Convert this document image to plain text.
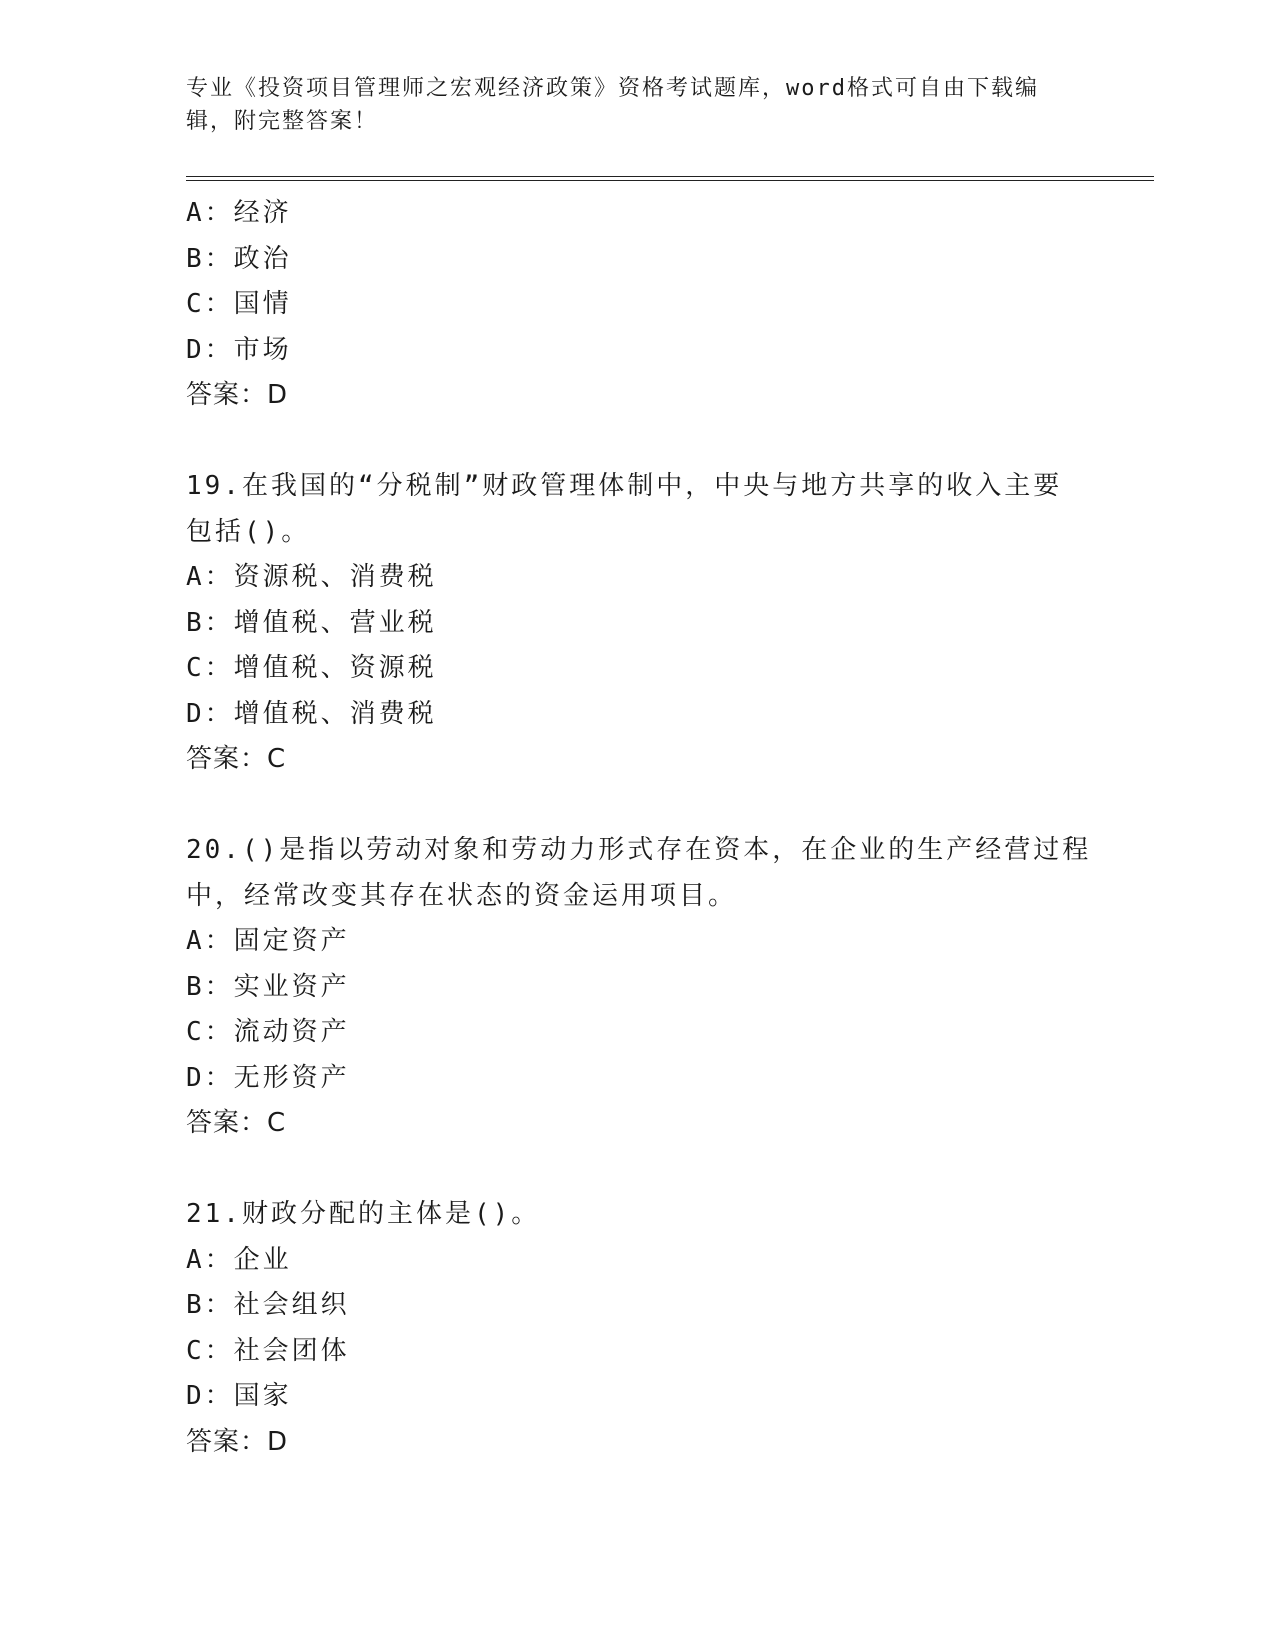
专业《投资项目管理师之宏观经济政策》资格考试题库，word格式可自由下载编
辑，附完整答案！
A：经济
B：政治
C：国情
D：市场
答案：D
19.在我国的“分税制”财政管理体制中，中央与地方共享的收入主要
包括()。
A：资源税、消费税
B：增值税、营业税
C：增值税、资源税
D：增值税、消费税
答案：C
20.()是指以劳动对象和劳动力形式存在资本，在企业的生产经营过程
中，经常改变其存在状态的资金运用项目。
A：固定资产
B：实业资产
C：流动资产
D：无形资产
答案：C
21.财政分配的主体是()。
A：企业
B：社会组织
C：社会团体
D：国家
答案：D
